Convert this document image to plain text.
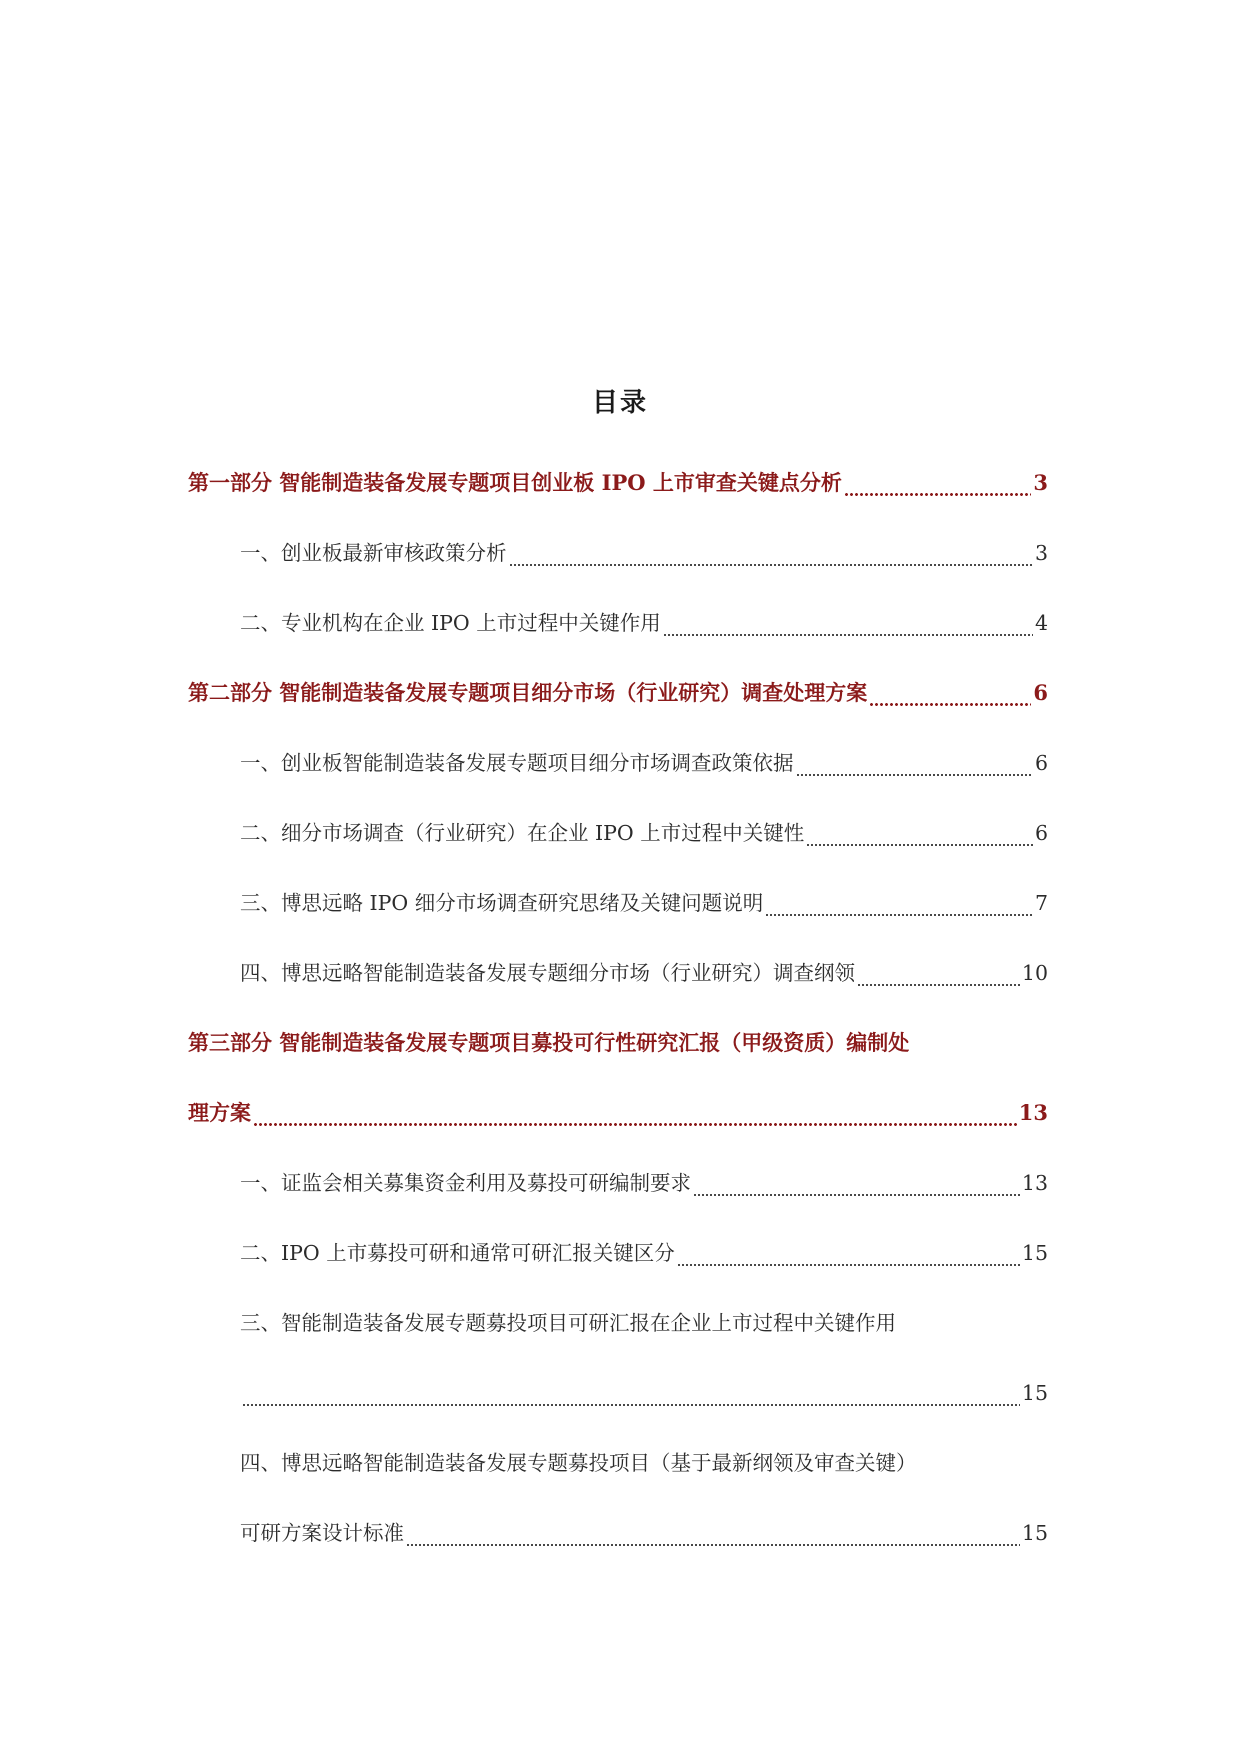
目录
第一部分 智能制造装备发展专题项目创业板 IPO 上市审查关键点分析	3
一、创业板最新审核政策分析	3
二、专业机构在企业 IPO 上市过程中关键作用	4
第二部分 智能制造装备发展专题项目细分市场（行业研究）调查处理方案	6
一、创业板智能制造装备发展专题项目细分市场调查政策依据	6
二、细分市场调查（行业研究）在企业 IPO 上市过程中关键性	6
三、博思远略 IPO 细分市场调查研究思绪及关键问题说明	7
四、博思远略智能制造装备发展专题细分市场（行业研究）调查纲领	10
第三部分 智能制造装备发展专题项目募投可行性研究汇报（甲级资质）编制处
理方案	13
一、证监会相关募集资金利用及募投可研编制要求	13
二、IPO 上市募投可研和通常可研汇报关键区分	15
三、智能制造装备发展专题募投项目可研汇报在企业上市过程中关键作用
15
四、博思远略智能制造装备发展专题募投项目（基于最新纲领及审查关键）
可研方案设计标准	15
